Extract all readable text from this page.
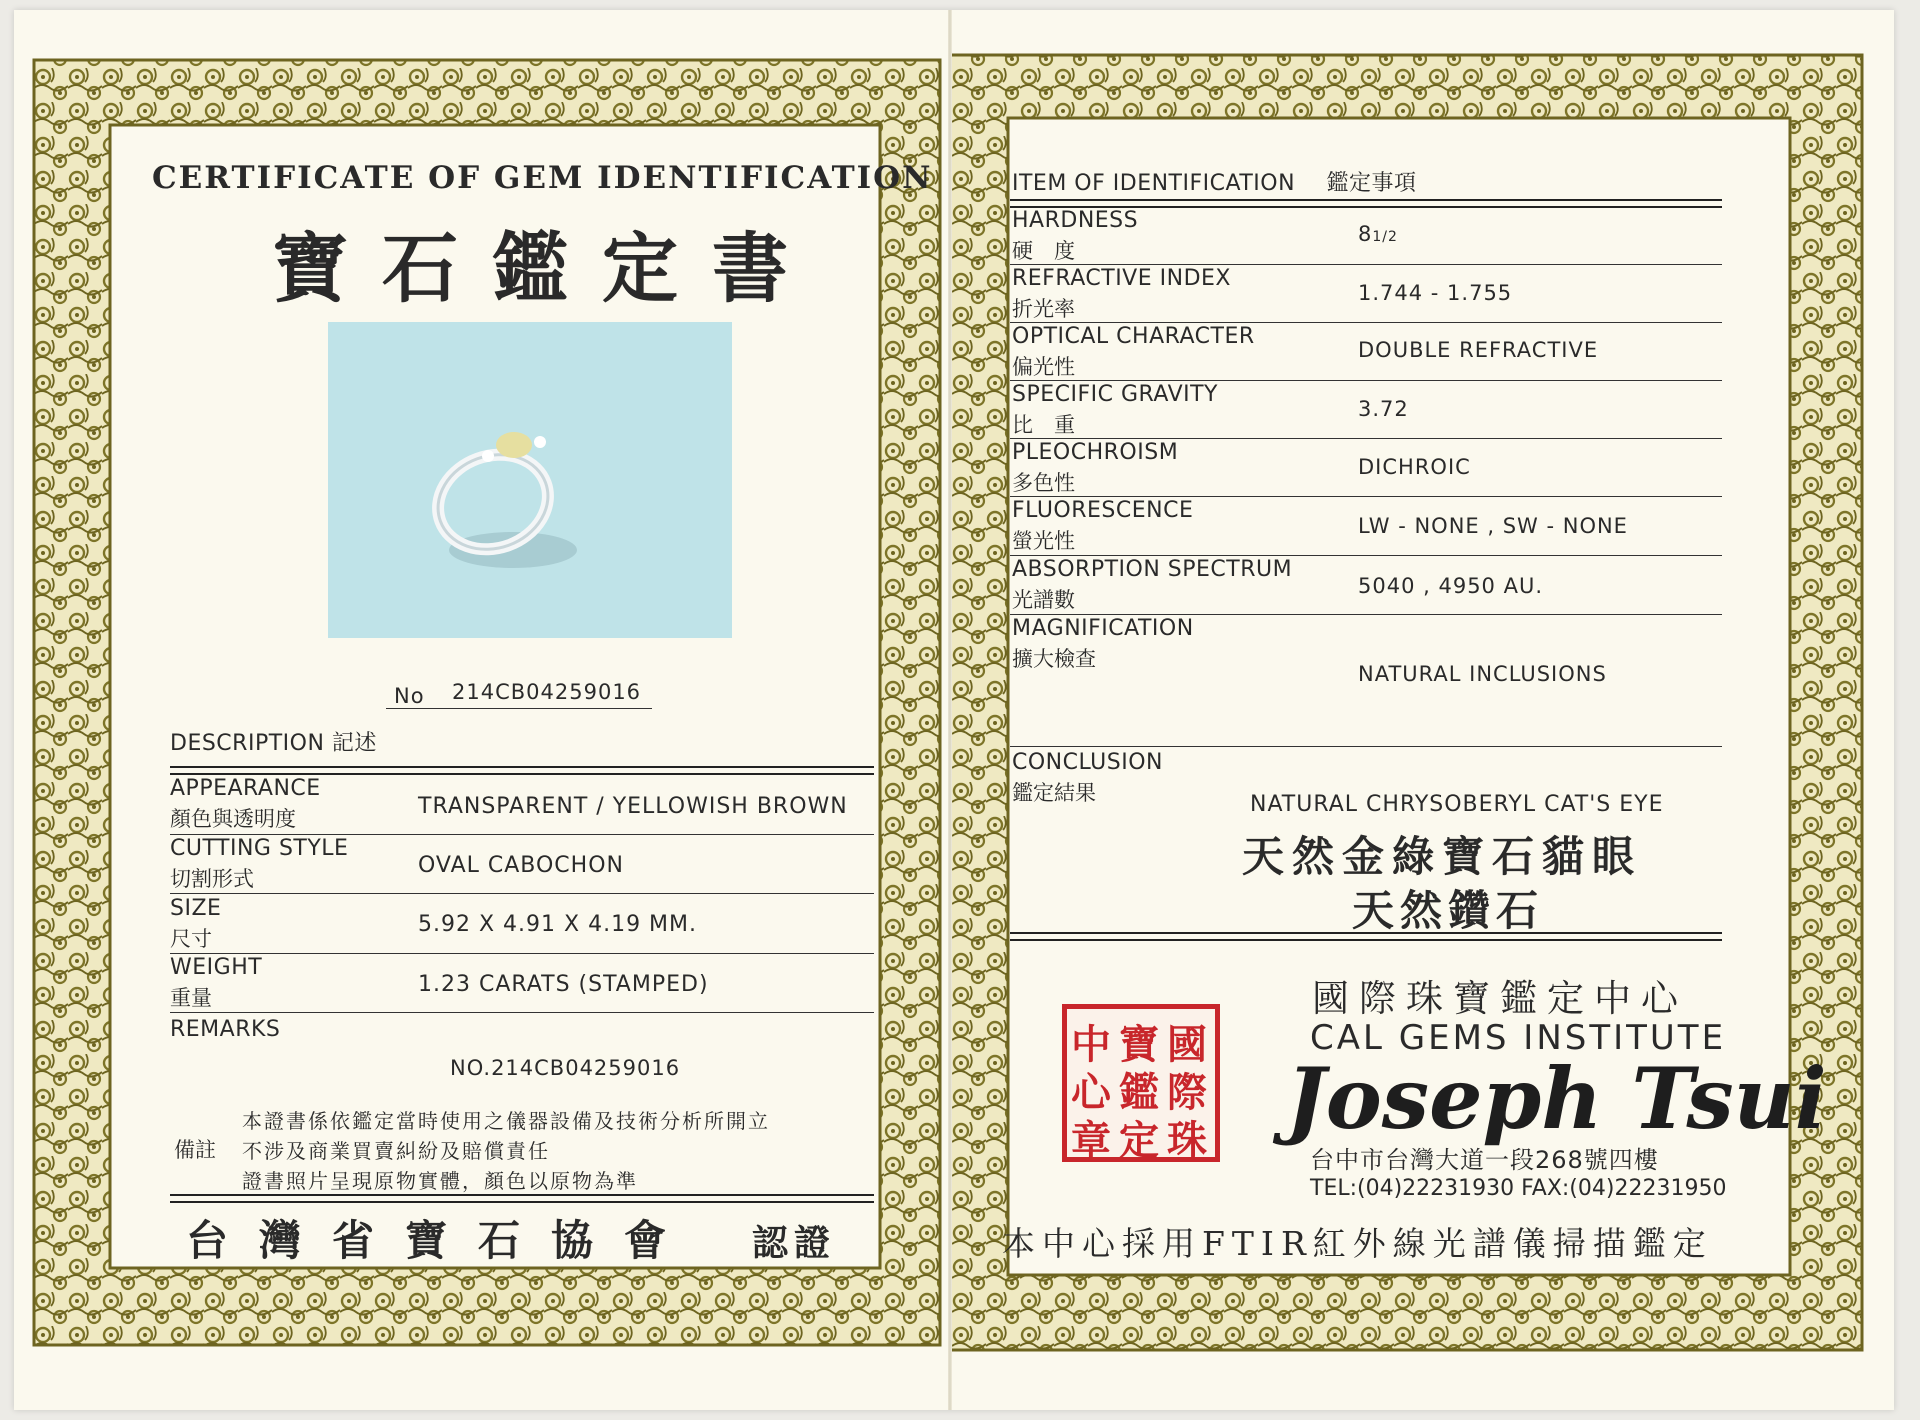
CERTIFICATE OF GEM IDENTIFICATION
寶石鑑定書
No 214CB04259016
DESCRIPTION 記述
APPEARANCE
顏色與透明度	TRANSPARENT / YELLOWISH BROWN
CUTTING STYLE
切割形式
OVAL CABOCHON
SIZE
尺寸
5.92 X 4.91 X 4.19 MM.
WEIGHT
重量
1.23 CARATS (STAMPED)
REMARKS
NO.214CB04259016
備註
本證書係依鑑定當時使用之儀器設備及技術分析所開立
不涉及商業買賣糾紛及賠償責任
證書照片呈現原物實體，顏色以原物為準
台灣省寶石協會 認證
ITEM OF IDENTIFICATION 鑑定事項
HARDNESS
硬　度
81/2
REFRACTIVE INDEX
折光率
1.744 - 1.755
OPTICAL CHARACTER
偏光性
DOUBLE REFRACTIVE
SPECIFIC GRAVITY
比　重
3.72
PLEOCHROISM
多色性
DICHROIC
FLUORESCENCE
螢光性
LW - NONE , SW - NONE
ABSORPTION SPECTRUM
光譜數
5040 , 4950 AU.
MAGNIFICATION
擴大檢查
NATURAL INCLUSIONS
CONCLUSION
鑑定結果	NATURAL CHRYSOBERYL CAT'S EYE
天然金綠寶石貓眼
天然鑽石
國
際
珠
寶
鑑
定
中
心
章
國際珠寶鑑定中心
CAL GEMS INSTITUTE
Joseph Tsui
台中市台灣大道一段268號四樓
TEL:(04)22231930 FAX:(04)22231950
本中心採用FTIR紅外線光譜儀掃描鑑定
